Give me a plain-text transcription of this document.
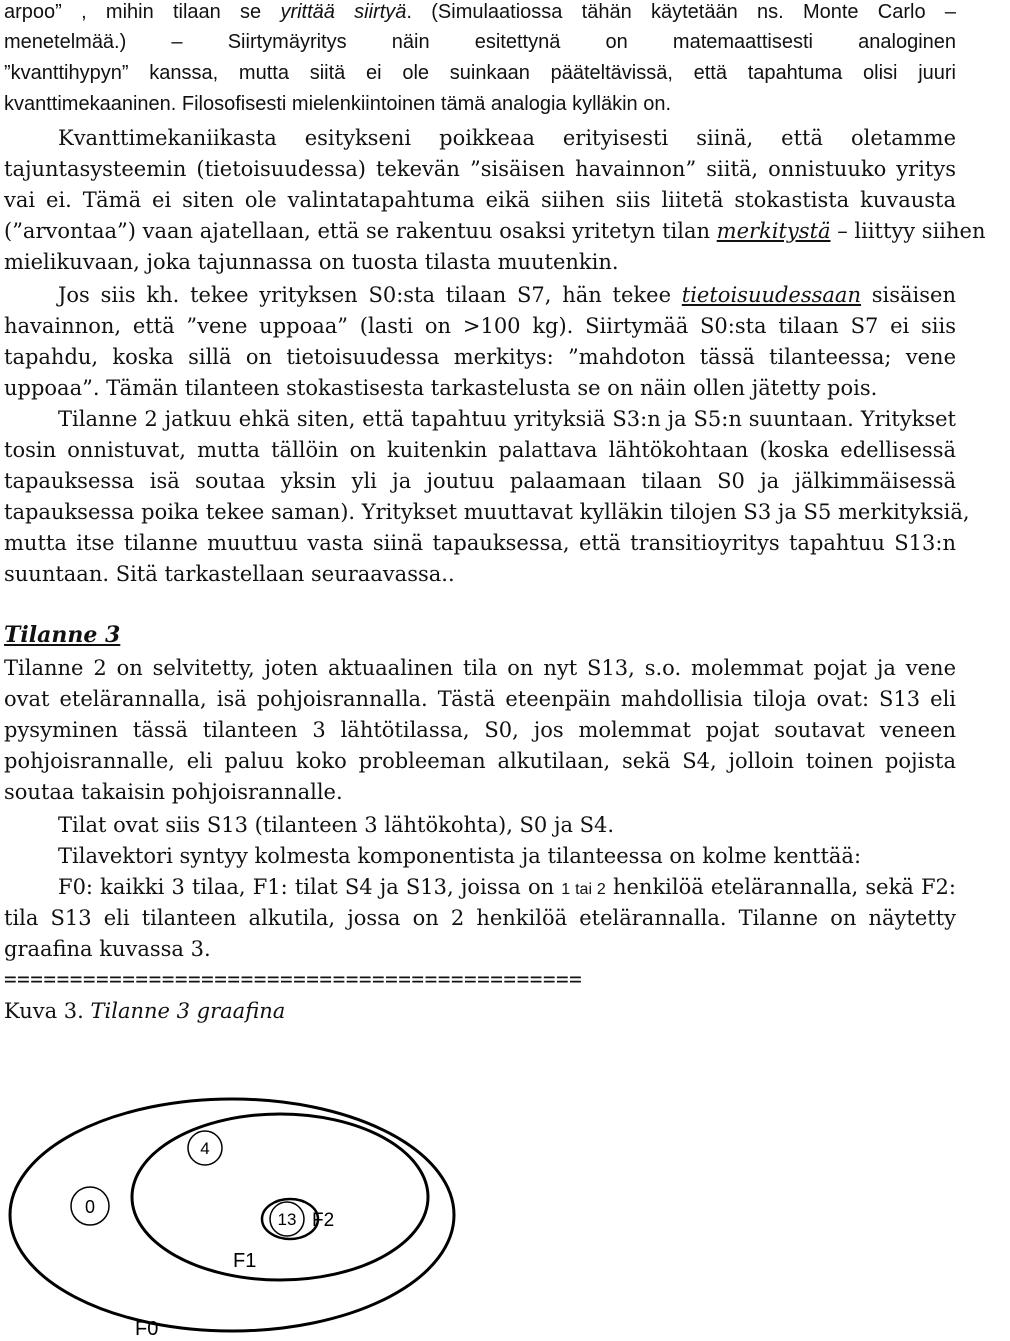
arpoo” , mihin tilaan se yrittää siirtyä. (Simulaatiossa tähän käytetään ns. Monte Carlo –
menetelmää.) – Siirtymäyritys näin esitettynä on matemaattisesti analoginen
”kvanttihypyn” kanssa, mutta siitä ei ole suinkaan pääteltävissä, että tapahtuma olisi juuri
kvanttimekaaninen. Filosofisesti mielenkiintoinen tämä analogia kylläkin on.
Kvanttimekaniikasta esitykseni poikkeaa erityisesti siinä, että oletamme
tajuntasysteemin (tietoisuudessa) tekevän ”sisäisen havainnon” siitä, onnistuuko yritys
vai ei. Tämä ei siten ole valintatapahtuma eikä siihen siis liitetä stokastista kuvausta
(”arvontaa”) vaan ajatellaan, että se rakentuu osaksi yritetyn tilan merkitystä – liittyy siihen
mielikuvaan, joka tajunnassa on tuosta tilasta muutenkin.
Jos siis kh. tekee yrityksen S0:sta tilaan S7, hän tekee tietoisuudessaan sisäisen
havainnon, että ”vene uppoaa” (lasti on >100 kg). Siirtymää S0:sta tilaan S7 ei siis
tapahdu, koska sillä on tietoisuudessa merkitys: ”mahdoton tässä tilanteessa; vene
uppoaa”. Tämän tilanteen stokastisesta tarkastelusta se on näin ollen jätetty pois.
Tilanne 2 jatkuu ehkä siten, että tapahtuu yrityksiä S3:n ja S5:n suuntaan. Yritykset
tosin onnistuvat, mutta tällöin on kuitenkin palattava lähtökohtaan (koska edellisessä
tapauksessa isä soutaa yksin yli ja joutuu palaamaan tilaan S0 ja jälkimmäisessä
tapauksessa poika tekee saman). Yritykset muuttavat kylläkin tilojen S3 ja S5 merkityksiä,
mutta itse tilanne muuttuu vasta siinä tapauksessa, että transitioyritys tapahtuu S13:n
suuntaan. Sitä tarkastellaan seuraavassa..
Tilanne 3
Tilanne 2 on selvitetty, joten aktuaalinen tila on nyt S13, s.o. molemmat pojat ja vene
ovat etelärannalla, isä pohjoisrannalla. Tästä eteenpäin mahdollisia tiloja ovat: S13 eli
pysyminen tässä tilanteen 3 lähtötilassa, S0, jos molemmat pojat soutavat veneen
pohjoisrannalle, eli paluu koko probleeman alkutilaan, sekä S4, jolloin toinen pojista
soutaa takaisin pohjoisrannalle.
Tilat ovat siis S13 (tilanteen 3 lähtökohta), S0 ja S4.
Tilavektori syntyy kolmesta komponentista ja tilanteessa on kolme kenttää:
F0: kaikki 3 tilaa, F1: tilat S4 ja S13, joissa on 1 tai 2 henkilöä etelärannalla, sekä F2:
tila S13 eli tilanteen alkutila, jossa on 2 henkilöä etelärannalla. Tilanne on näytetty
graafina kuvassa 3.
============================================
Kuva 3. Tilanne 3 graafina
0
4
13
F0
F1
F2
